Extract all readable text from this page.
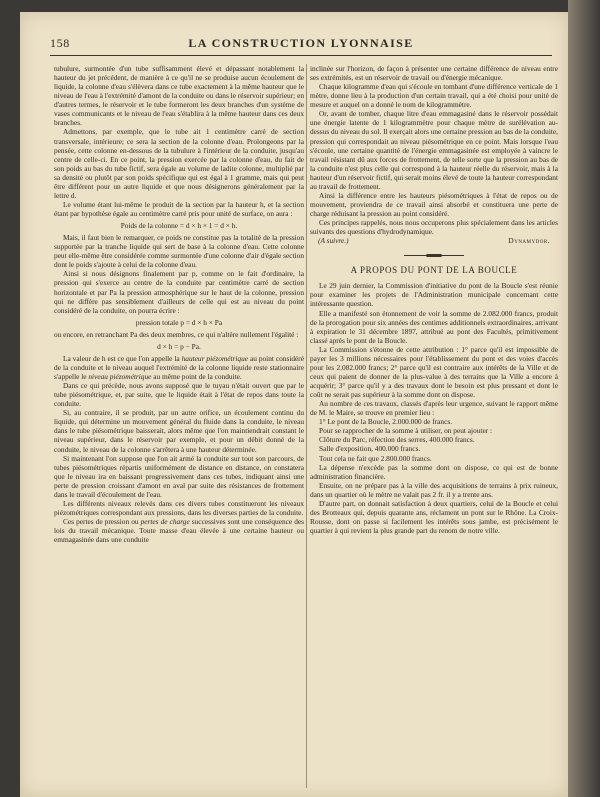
158	LA CONSTRUCTION LYONNAISE

tubulure, surmontée d'un tube suffisamment élevé et dépassant notablement la hauteur du jet précédent, de manière à ce qu'il ne se produise aucun écoulement de liquide, la colonne d'eau s'élèvera dans ce tube exactement à la même hauteur que le niveau de l'eau à l'extrémité d'amont de la conduite ou dans le réservoir supérieur; en d'autres termes, le réservoir et le tube formeront les deux branches d'un système de vases communicants et le niveau de l'eau s'établira à la même hauteur dans ces deux branches.

Admettons, par exemple, que le tube ait 1 centimètre carré de section transversale, intérieure; ce sera la section de la colonne d'eau. Prolongeons par la pensée, cette colonne en-dessous de la tubulure à l'intérieur de la conduite, jusqu'au centre de celle-ci. En ce point, la pression exercée par la colonne d'eau, du fait de son poids au bas du tube fictif, sera égale au volume de ladite colonne, multiplié par sa densité ou plutôt par son poids spécifique qui est égal à 1 gramme, mais qui peut être différent pour un autre liquide et que nous désignerons généralement par la lettre d.

Le volume étant lui-même le produit de la section par la hauteur h, et la section étant par hypothèse égale au centimètre carré pris pour unité de surface, on aura :

Poids de la colonne = d × h × 1 = d × h.

Mais, il faut bien le remarquer, ce poids ne constitue pas la totalité de la pression supportée par la tranche liquide qui sert de base à la colonne d'eau. Cette colonne peut elle-même être considérée comme surmontée d'une colonne d'air d'égale section dont le poids s'ajoute à celui de la colonne d'eau.

Ainsi si nous désignons finalement par p, comme on le fait d'ordinaire, la pression qui s'exerce au centre de la conduite par centimètre carré de section horizontale et par Pa la pression atmosphérique sur le haut de la colonne, pression qui ne diffère pas sensiblement d'ailleurs de celle qui est au niveau du point considéré de la conduite, on pourra écrire :

pression totale p = d × h × Pa

ou encore, en retranchant Pa des deux membres, ce qui n'altère nullement l'égalité :

d × h = p − Pa.

La valeur de h est ce que l'on appelle la hauteur piézométrique au point considéré de la conduite et le niveau auquel l'extrémité de la colonne liquide reste stationnaire s'appelle le niveau piézométrique au même point de la conduite.

Dans ce qui précède, nous avons supposé que le tuyau n'était ouvert que par le tube piésométrique, et, par suite, que le liquide était à l'état de repos dans toute la conduite.

Si, au contraire, il se produit, par un autre orifice, un écoulement continu du liquide, qui détermine un mouvement général du fluide dans la conduite, le niveau dans le tube piésométrique baisserait, alors même que l'on maintiendrait constant le niveau supérieur, dans le réservoir par exemple, et pour un débit donné de la conduite, le niveau de la colonne s'arrêtera à une hauteur déterminée.

Si maintenant l'on suppose que l'on ait armé la conduite sur tout son parcours, de tubes piésométriques répartis uniformément de distance en distance, on constatera que le niveau ira en baissant progressivement dans ces tubes, indiquant ainsi une perte de pression croissant d'amont en aval par suite des résistances de frottement dans le travail d'écoulement de l'eau.

Les différents niveaux relevés dans ces divers tubes constitueront les niveaux piézométriques correspondant aux pressions, dans les diverses parties de la conduite.

Ces pertes de pression ou pertes de charge successives sont une conséquence des lois du travail mécanique. Toute masse d'eau élevée à une certaine hauteur ou emmagasinée dans une conduite

inclinée sur l'horizon, de façon à présenter une certaine différence de niveau entre ses extrémités, est un réservoir de travail ou d'énergie mécanique.

Chaque kilogramme d'eau qui s'écoule en tombant d'une différence verticale de 1 mètre, donne lieu à la production d'un certain travail, qui a été choisi pour unité de mesure et auquel on a donné le nom de kilogrammètre.

Or, avant de tomber, chaque litre d'eau emmagasiné dans le réservoir possédait une énergie latente de 1 kilogrammètre pour chaque mètre de surélévation au-dessus du niveau du sol. Il exerçait alors une certaine pression au bas de la conduite, pression qui correspondait au niveau piésométrique en ce point. Mais lorsque l'eau s'écoule, une certaine quantité de l'énergie emmagasinée est employée à vaincre le travail résistant dû aux forces de frottement, de telle sorte que la pression au bas de la conduite n'est plus celle qui correspond à la hauteur réelle du réservoir, mais à la hauteur d'un réservoir fictif, qui serait moins élevé de toute la hauteur correspondant au travail de frottement.

Ainsi la différence entre les hauteurs piésométriques à l'état de repos ou de mouvement, proviendra de ce travail ainsi absorbé et constituera une perte de charge réduisant la pression au point considéré.

Ces principes rappelés, nous nous occuperons plus spécialement dans les articles suivants des questions d'hydrodynamique.

(A suivre.)	Dynamydor.

A PROPOS DU PONT DE LA BOUCLE

Le 29 juin dernier, la Commission d'initiative du pont de la Boucle s'est réunie pour examiner les projets de l'Administration municipale concernant cette intéressante question.

Elle a manifesté son étonnement de voir la somme de 2.082.000 francs, produit de la prorogation pour six années des centimes additionnels extraordinaires, arrivant à expiration le 31 décembre 1897, attribué au pont des Facultés, primitivement classé après le pont de la Boucle.

La Commission s'étonne de cette attribution : 1° parce qu'il est impossible de payer les 3 millions nécessaires pour l'établissement du pont et des voies d'accès pour les 2.082.000 francs; 2° parce qu'il est contraire aux intérêts de la Ville et de ceux qui paient de donner de la plus-value à des terrains que la Ville a encore à acquérir; 3° parce qu'il y a des travaux dont le besoin est plus pressant et dont le coût ne serait pas supérieur à la somme dont on dispose.

Au nombre de ces travaux, classés d'après leur urgence, suivant le rapport même de M. le Maire, se trouve en premier lieu :

1° Le pont de la Boucle, 2.000.000 de francs.

Pour se rapprocher de la somme à utiliser, on peut ajouter :

Clôture du Parc, réfection des serres, 400.000 francs.

Salle d'exposition, 400.000 francs.

Tout cela ne fait que 2.800.000 francs.

La dépense n'excède pas la somme dont on dispose, ce qui est de bonne administration financière.

Ensuite, on ne prépare pas à la ville des acquisitions de terrains à prix ruineux, dans un quartier où le mètre ne valait pas 2 fr. il y a trente ans.

D'autre part, on donnait satisfaction à deux quartiers, celui de la Boucle et celui des Brotteaux qui, depuis quarante ans, réclament un pont sur le Rhône. La Croix-Rousse, dont on passe si facilement les intérêts sous jambe, est précisément le quartier à qui revient la plus grande part du renom de notre ville.
